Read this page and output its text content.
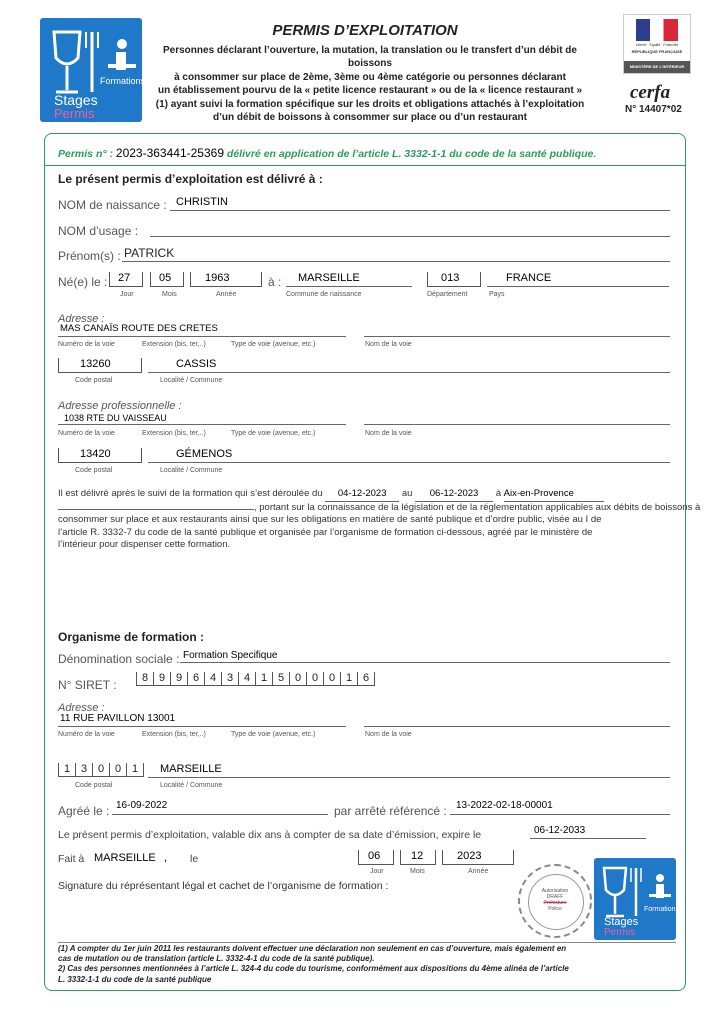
Formations
Stages
Permis
PERMIS D’EXPLOITATION
Personnes déclarant l’ouverture, la mutation, la translation ou le transfert d’un débit de boissons
à consommer sur place de 2ème, 3ème ou 4ème catégorie ou personnes déclarant
un établissement pourvu de la « petite licence restaurant » ou de la « licence restaurant »
(1) ayant suivi la formation spécifique sur les droits et obligations attachés à l’exploitation
d’un débit de boissons à consommer sur place ou d’un restaurant
Liberté · Égalité · Fraternité
RÉPUBLIQUE FRANÇAISE
MINISTÈRE DE L’INTÉRIEUR
cerfa
N° 14407*02
Permis n° : 2023-363441-25369 délivré en application de l’article L. 3332-1-1 du code de la santé publique.
Le présent permis d’exploitation est délivré à :
NOM de naissance : CHRISTIN
NOM d’usage :
Prénom(s) : PATRICK
Né(e) le : 27	05	1963	à : MARSEILLE	013	FRANCE
Jour	Mois	Année	Commune de naissance	Département	Pays
Adresse :
MAS CANAÏS ROUTE DES CRETES
Numéro de la voie	Extension (bis, ter,..)	Type de voie (avenue, etc.)	Nom de la voie
13260	CASSIS
Code postal	Localité / Commune
Adresse professionnelle :
1038 RTE DU VAISSEAU
Numéro de la voie	Extension (bis, ter,..)	Type de voie (avenue, etc.)	Nom de la voie
13420	GÉMENOS
Code postal	Localité / Commune
Il est délivré après le suivi de la formation qui s’est déroulée du 04-12-2023 au 06-12-2023 à Aix-en-Provence
, portant sur la connaissance de la législation et de la réglementation applicables aux débits de boissons à
consommer sur place et aux restaurants ainsi que sur les obligations en matière de santé publique et d’ordre public, visée au I de
l’article R. 3332-7 du code de la santé publique et organisée par l’organisme de formation ci-dessous, agréé par le ministère de
l’intérieur pour dispenser cette formation.
Organisme de formation :
Dénomination sociale : Formation Specifique
N° SIRET :	8 9 9 6 4 3 4 1 5 0 0 0 1 6
Adresse :
11 RUE PAVILLON 13001
Numéro de la voie	Extension (bis, ter,..)	Type de voie (avenue, etc.)	Nom de la voie
1 3 0 0 1	MARSEILLE
Code postal	Localité / Commune
Agréé le : 16-09-2022	par arrêté référencé : 13-2022-02-18-00001
Le présent permis d’exploitation, valable dix ans à compter de sa date d’émission, expire le	06-12-2033
Fait à MARSEILLE , le	06	12	2023
Jour	Mois	Année
Signature du réprésentant légal et cachet de l’organisme de formation :	Autorisation
DRAFF
Préfecture
Police	Formations
Stages
Permis
(1) A compter du 1er juin 2011 les restaurants doivent effectuer une déclaration non seulement en cas d’ouverture, mais également en
cas de mutation ou de translation (article L. 3332-4-1 du code de la santé publique).
2) Cas des personnes mentionnées à l’article L. 324-4 du code du tourisme, conformément aux dispositions du 4ème alinéa de l’article
L. 3332-1-1 du code de la santé publique
